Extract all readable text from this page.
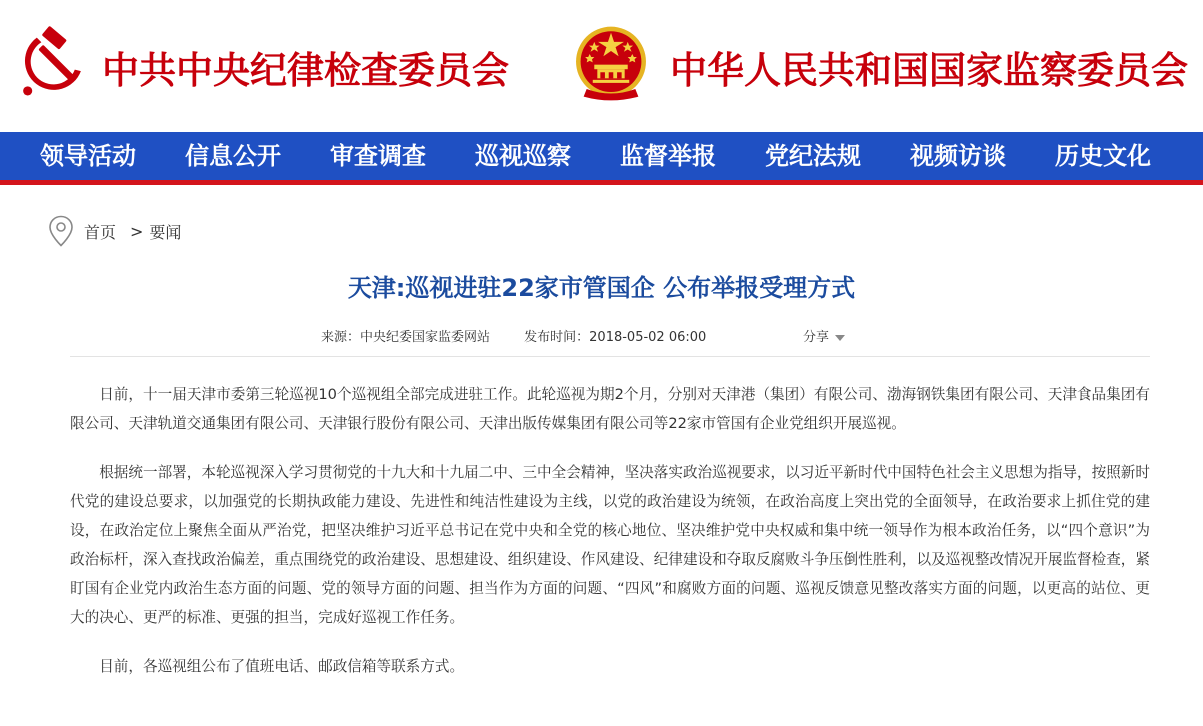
中共中央纪律检查委员会	中华人民共和国国家监察委员会
领导活动	信息公开	审查调查	巡视巡察	监督举报	党纪法规	视频访谈	历史文化
首页 > 要闻
天津:巡视进驻22家市管国企 公布举报受理方式
来源：中央纪委国家监委网站	发布时间：2018-05-02 06:00	分享

日前，十一届天津市委第三轮巡视10个巡视组全部完成进驻工作。此轮巡视为期2个月，分别对天津港（集团）有限公司、渤海钢铁集团有限公司、天津食品集团有限公司、天津轨道交通集团有限公司、天津银行股份有限公司、天津出版传媒集团有限公司等22家市管国有企业党组织开展巡视。

根据统一部署，本轮巡视深入学习贯彻党的十九大和十九届二中、三中全会精神，坚决落实政治巡视要求，以习近平新时代中国特色社会主义思想为指导，按照新时代党的建设总要求，以加强党的长期执政能力建设、先进性和纯洁性建设为主线，以党的政治建设为统领，在政治高度上突出党的全面领导，在政治要求上抓住党的建设，在政治定位上聚焦全面从严治党，把坚决维护习近平总书记在党中央和全党的核心地位、坚决维护党中央权威和集中统一领导作为根本政治任务，以“四个意识”为政治标杆，深入查找政治偏差，重点围绕党的政治建设、思想建设、组织建设、作风建设、纪律建设和夺取反腐败斗争压倒性胜利，以及巡视整改情况开展监督检查，紧盯国有企业党内政治生态方面的问题、党的领导方面的问题、担当作为方面的问题、“四风”和腐败方面的问题、巡视反馈意见整改落实方面的问题，以更高的站位、更大的决心、更严的标准、更强的担当，完成好巡视工作任务。

目前，各巡视组公布了值班电话、邮政信箱等联系方式。
